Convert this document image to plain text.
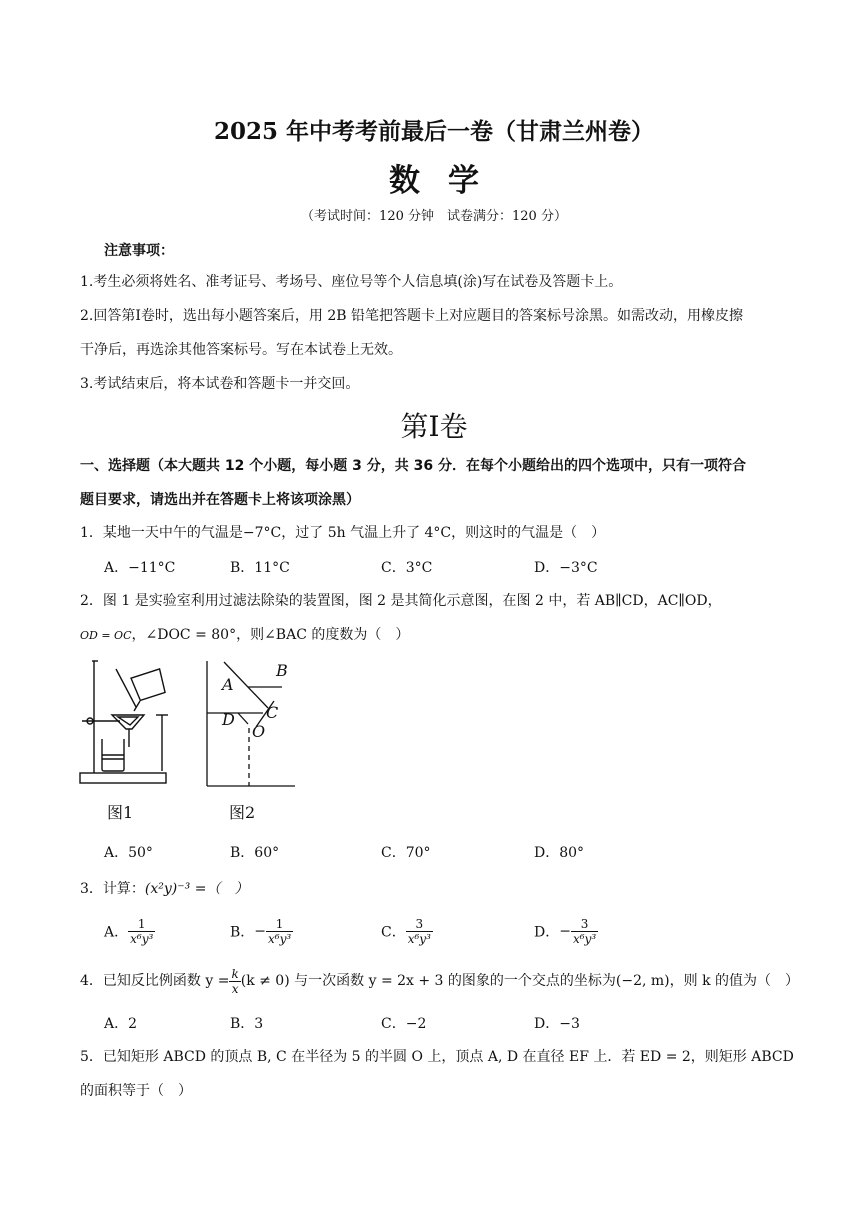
2025 年中考考前最后一卷（甘肃兰州卷）
数学
（考试时间：120 分钟　试卷满分：120 分）
注意事项：
1.考生必须将姓名、准考证号、考场号、座位号等个人信息填(涂)写在试卷及答题卡上。
2.回答第Ⅰ卷时，选出每小题答案后，用 2B 铅笔把答题卡上对应题目的答案标号涂黑。如需改动，用橡皮擦
干净后，再选涂其他答案标号。写在本试卷上无效。
3.考试结束后，将本试卷和答题卡一并交回。
第Ⅰ卷
一、选择题（本大题共 12 个小题，每小题 3 分，共 36 分．在每个小题给出的四个选项中，只有一项符合
题目要求，请选出并在答题卡上将该项涂黑）
1．某地一天中午的气温是−7°C，过了 5h 气温上升了 4°C，则这时的气温是（　）
A．−11°C	B．11°C	C．3°C	D．−3°C
2．图 1 是实验室利用过滤法除染的装置图，图 2 是其简化示意图，在图 2 中，若 AB∥CD，AC∥OD，
OD = OC，∠DOC = 80°，则∠BAC 的度数为（　）
图1
A
B
C
D
O
图2
A．50°	B．60°	C．70°	D．80°
3．计算：(x²y)⁻³ =（　）
A． $\frac{1}{\text{x⁶y³}}$	B．− $\frac{1}{\text{x⁶y³}}$	C． $\frac{3}{\text{x⁶y³}}$	D．− $\frac{3}{\text{x⁶y³}}$
4．已知反比例函数 $y = \frac{k}{x} (k \ne 0)$ 与一次函数 y = 2x + 3 的图象的一个交点的坐标为(−2, m)，则 k 的值为（　）
A．2	B．3	C．−2	D．−3
5．已知矩形 ABCD 的顶点 B, C 在半径为 5 的半圆 O 上，顶点 A, D 在直径 EF 上．若 ED = 2，则矩形 ABCD
的面积等于（　）
